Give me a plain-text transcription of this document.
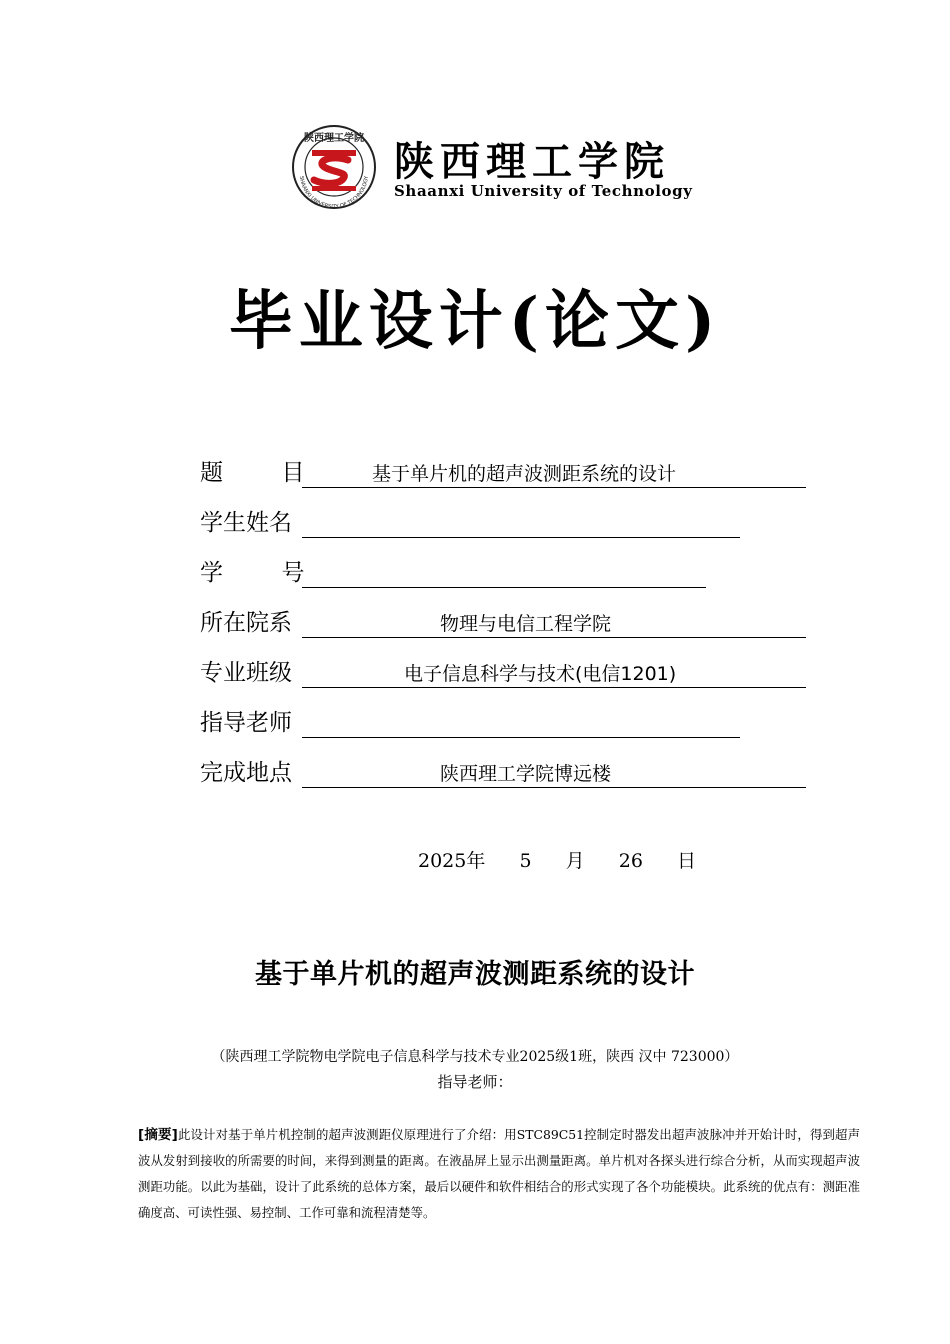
陕西理工学院
SHAANXI UNIVERSITY OF TECHNOLOGY 陕西理工学院
Shaanxi University of Technology
毕业设计(论文)
题        目	基于单片机的超声波测距系统的设计
学生姓名
学        号
所在院系	物理与电信工程学院
专业班级	电子信息科学与技术(电信1201)
指导老师
完成地点	陕西理工学院博远楼
2025年 5 月 26 日
基于单片机的超声波测距系统的设计
（陕西理工学院物电学院电子信息科学与技术专业2025级1班，陕西 汉中 723000）
指导老师：
[摘要]此设计对基于单片机控制的超声波测距仪原理进行了介绍：用STC89C51控制定时器发出超声波脉冲并开始计时，得到超声波从发射到接收的所需要的时间，来得到测量的距离。在液晶屏上显示出测量距离。单片机对各探头进行综合分析，从而实现超声波测距功能。以此为基础，设计了此系统的总体方案，最后以硬件和软件相结合的形式实现了各个功能模块。此系统的优点有：测距准确度高、可读性强、易控制、工作可靠和流程清楚等。
